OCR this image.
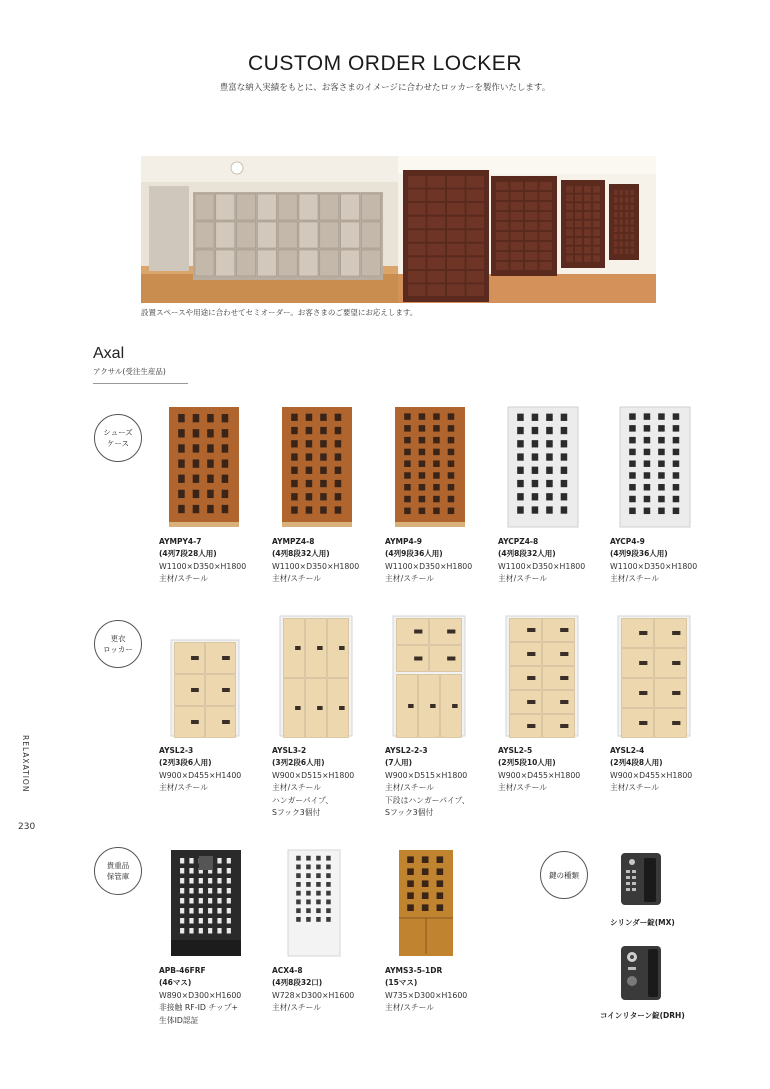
CUSTOM ORDER LOCKER
豊富な納入実績をもとに、お客さまのイメージに合わせたロッカーを製作いたします。
設置スペースや用途に合わせてセミオーダー。お客さまのご要望にお応えします。
Axal
アクサル(受注生産品)
RELAXATION
230
シューズ
ケース
更衣
ロッカー
貴重品
保管庫	鍵の種類
AYMPY4-7
(4列7段28人用)
W1100×D350×H1800
主材/スチール
AYMPZ4-8
(4列8段32人用)
W1100×D350×H1800
主材/スチール
AYMP4-9
(4列9段36人用)
W1100×D350×H1800
主材/スチール
AYCPZ4-8
(4列8段32人用)
W1100×D350×H1800
主材/スチール
AYCP4-9
(4列9段36人用)
W1100×D350×H1800
主材/スチール
AYSL2-3
(2列3段6人用)
W900×D455×H1400
主材/スチール
AYSL3-2
(3列2段6人用)
W900×D515×H1800
主材/スチール
ハンガーパイプ、
Sフック3個付
AYSL2-2-3
(7人用)
W900×D515×H1800
主材/スチール
下段はハンガーパイプ、
Sフック3個付
AYSL2-5
(2列5段10人用)
W900×D455×H1800
主材/スチール
AYSL2-4
(2列4段8人用)
W900×D455×H1800
主材/スチール
APB-46FRF
(46マス)
W890×D300×H1600
非接触 RF-ID チップ+
生体ID認証
ACX4-8
(4列8段32口)
W728×D300×H1600
主材/スチール
AYMS3-5-1DR
(15マス)
W735×D300×H1600
主材/スチール
シリンダー錠(MX)
コインリターン錠(DRH)
